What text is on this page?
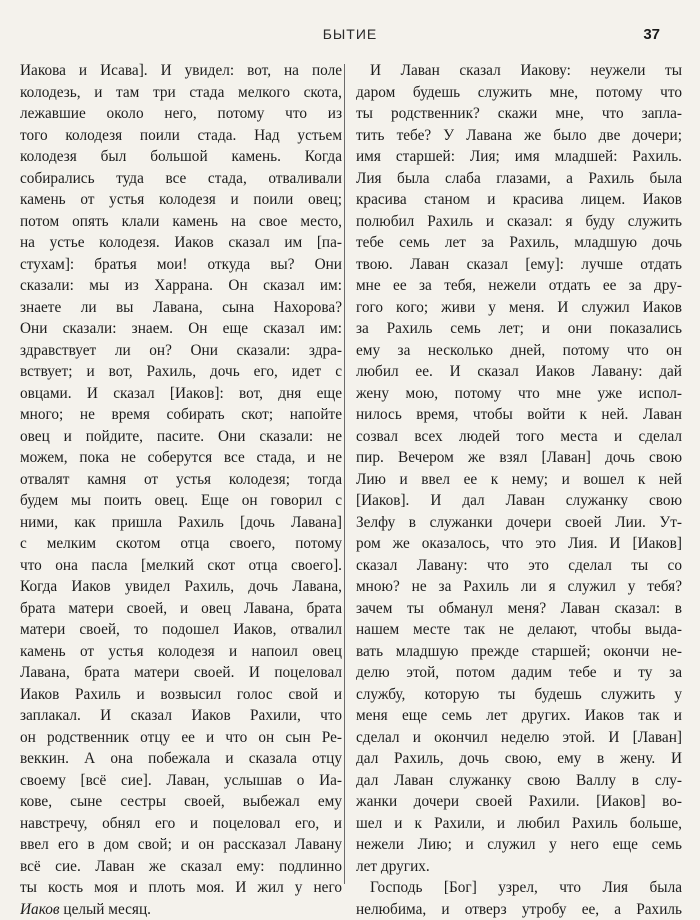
БЫТИЕ	37
Иакова и Исава]. И увидел: вот, на поле
колодезь, и там три стада мелкого скота,
лежавшие около него, потому что из
того колодезя поили стада. Над устьем
колодезя был большой камень. Когда
собирались туда все стада, отваливали
камень от устья колодезя и поили овец;
потом опять клали камень на свое место,
на устье колодезя. Иаков сказал им [па-
стухам]: братья мои! откуда вы? Они
сказали: мы из Харрана. Он сказал им:
знаете ли вы Лавана, сына Нахорова?
Они сказали: знаем. Он еще сказал им:
здравствует ли он? Они сказали: здра-
вствует; и вот, Рахиль, дочь его, идет с
овцами. И сказал [Иаков]: вот, дня еще
много; не время собирать скот; напойте
овец и пойдите, пасите. Они сказали: не
можем, пока не соберутся все стада, и не
отвалят камня от устья колодезя; тогда
будем мы поить овец. Еще он говорил с
ними, как пришла Рахиль [дочь Лавана]
с мелким скотом отца своего, потому
что она пасла [мелкий скот отца своего].
Когда Иаков увидел Рахиль, дочь Лавана,
брата матери своей, и овец Лавана, брата
матери своей, то подошел Иаков, отвалил
камень от устья колодезя и напоил овец
Лавана, брата матери своей. И поцеловал
Иаков Рахиль и возвысил голос свой и
заплакал. И сказал Иаков Рахили, что
он родственник отцу ее и что он сын Ре-
веккин. А она побежала и сказала отцу
своему [всё сие]. Лаван, услышав о Иа-
кове, сыне сестры своей, выбежал ему
навстречу, обнял его и поцеловал его, и
ввел его в дом свой; и он рассказал Лавану
всё сие. Лаван же сказал ему: подлинно
ты кость моя и плоть моя. И жил у него
Иаков целый месяц.
И Лаван сказал Иакову: неужели ты
даром будешь служить мне, потому что
ты родственник? скажи мне, что запла-
тить тебе? У Лавана же было две дочери;
имя старшей: Лия; имя младшей: Рахиль.
Лия была слаба глазами, а Рахиль была
красива станом и красива лицем. Иаков
полюбил Рахиль и сказал: я буду служить
тебе семь лет за Рахиль, младшую дочь
твою. Лаван сказал [ему]: лучше отдать
мне ее за тебя, нежели отдать ее за дру-
гого кого; живи у меня. И служил Иаков
за Рахиль семь лет; и они показались
ему за несколько дней, потому что он
любил ее. И сказал Иаков Лавану: дай
жену мою, потому что мне уже испол-
нилось время, чтобы войти к ней. Лаван
созвал всех людей того места и сделал
пир. Вечером же взял [Лаван] дочь свою
Лию и ввел ее к нему; и вошел к ней
[Иаков]. И дал Лаван служанку свою
Зелфу в служанки дочери своей Лии. Ут-
ром же оказалось, что это Лия. И [Иаков]
сказал Лавану: что это сделал ты со
мною? не за Рахиль ли я служил у тебя?
зачем ты обманул меня? Лаван сказал: в
нашем месте так не делают, чтобы выда-
вать младшую прежде старшей; окончи не-
делю этой, потом дадим тебе и ту за
службу, которую ты будешь служить у
меня еще семь лет других. Иаков так и
сделал и окончил неделю этой. И [Лаван]
дал Рахиль, дочь свою, ему в жену. И
дал Лаван служанку свою Валлу в слу-
жанки дочери своей Рахили. [Иаков] во-
шел и к Рахили, и любил Рахиль больше,
нежели Лию; и служил у него еще семь
лет других.
Господь [Бог] узрел, что Лия была
нелюбима, и отверз утробу ее, а Рахиль
